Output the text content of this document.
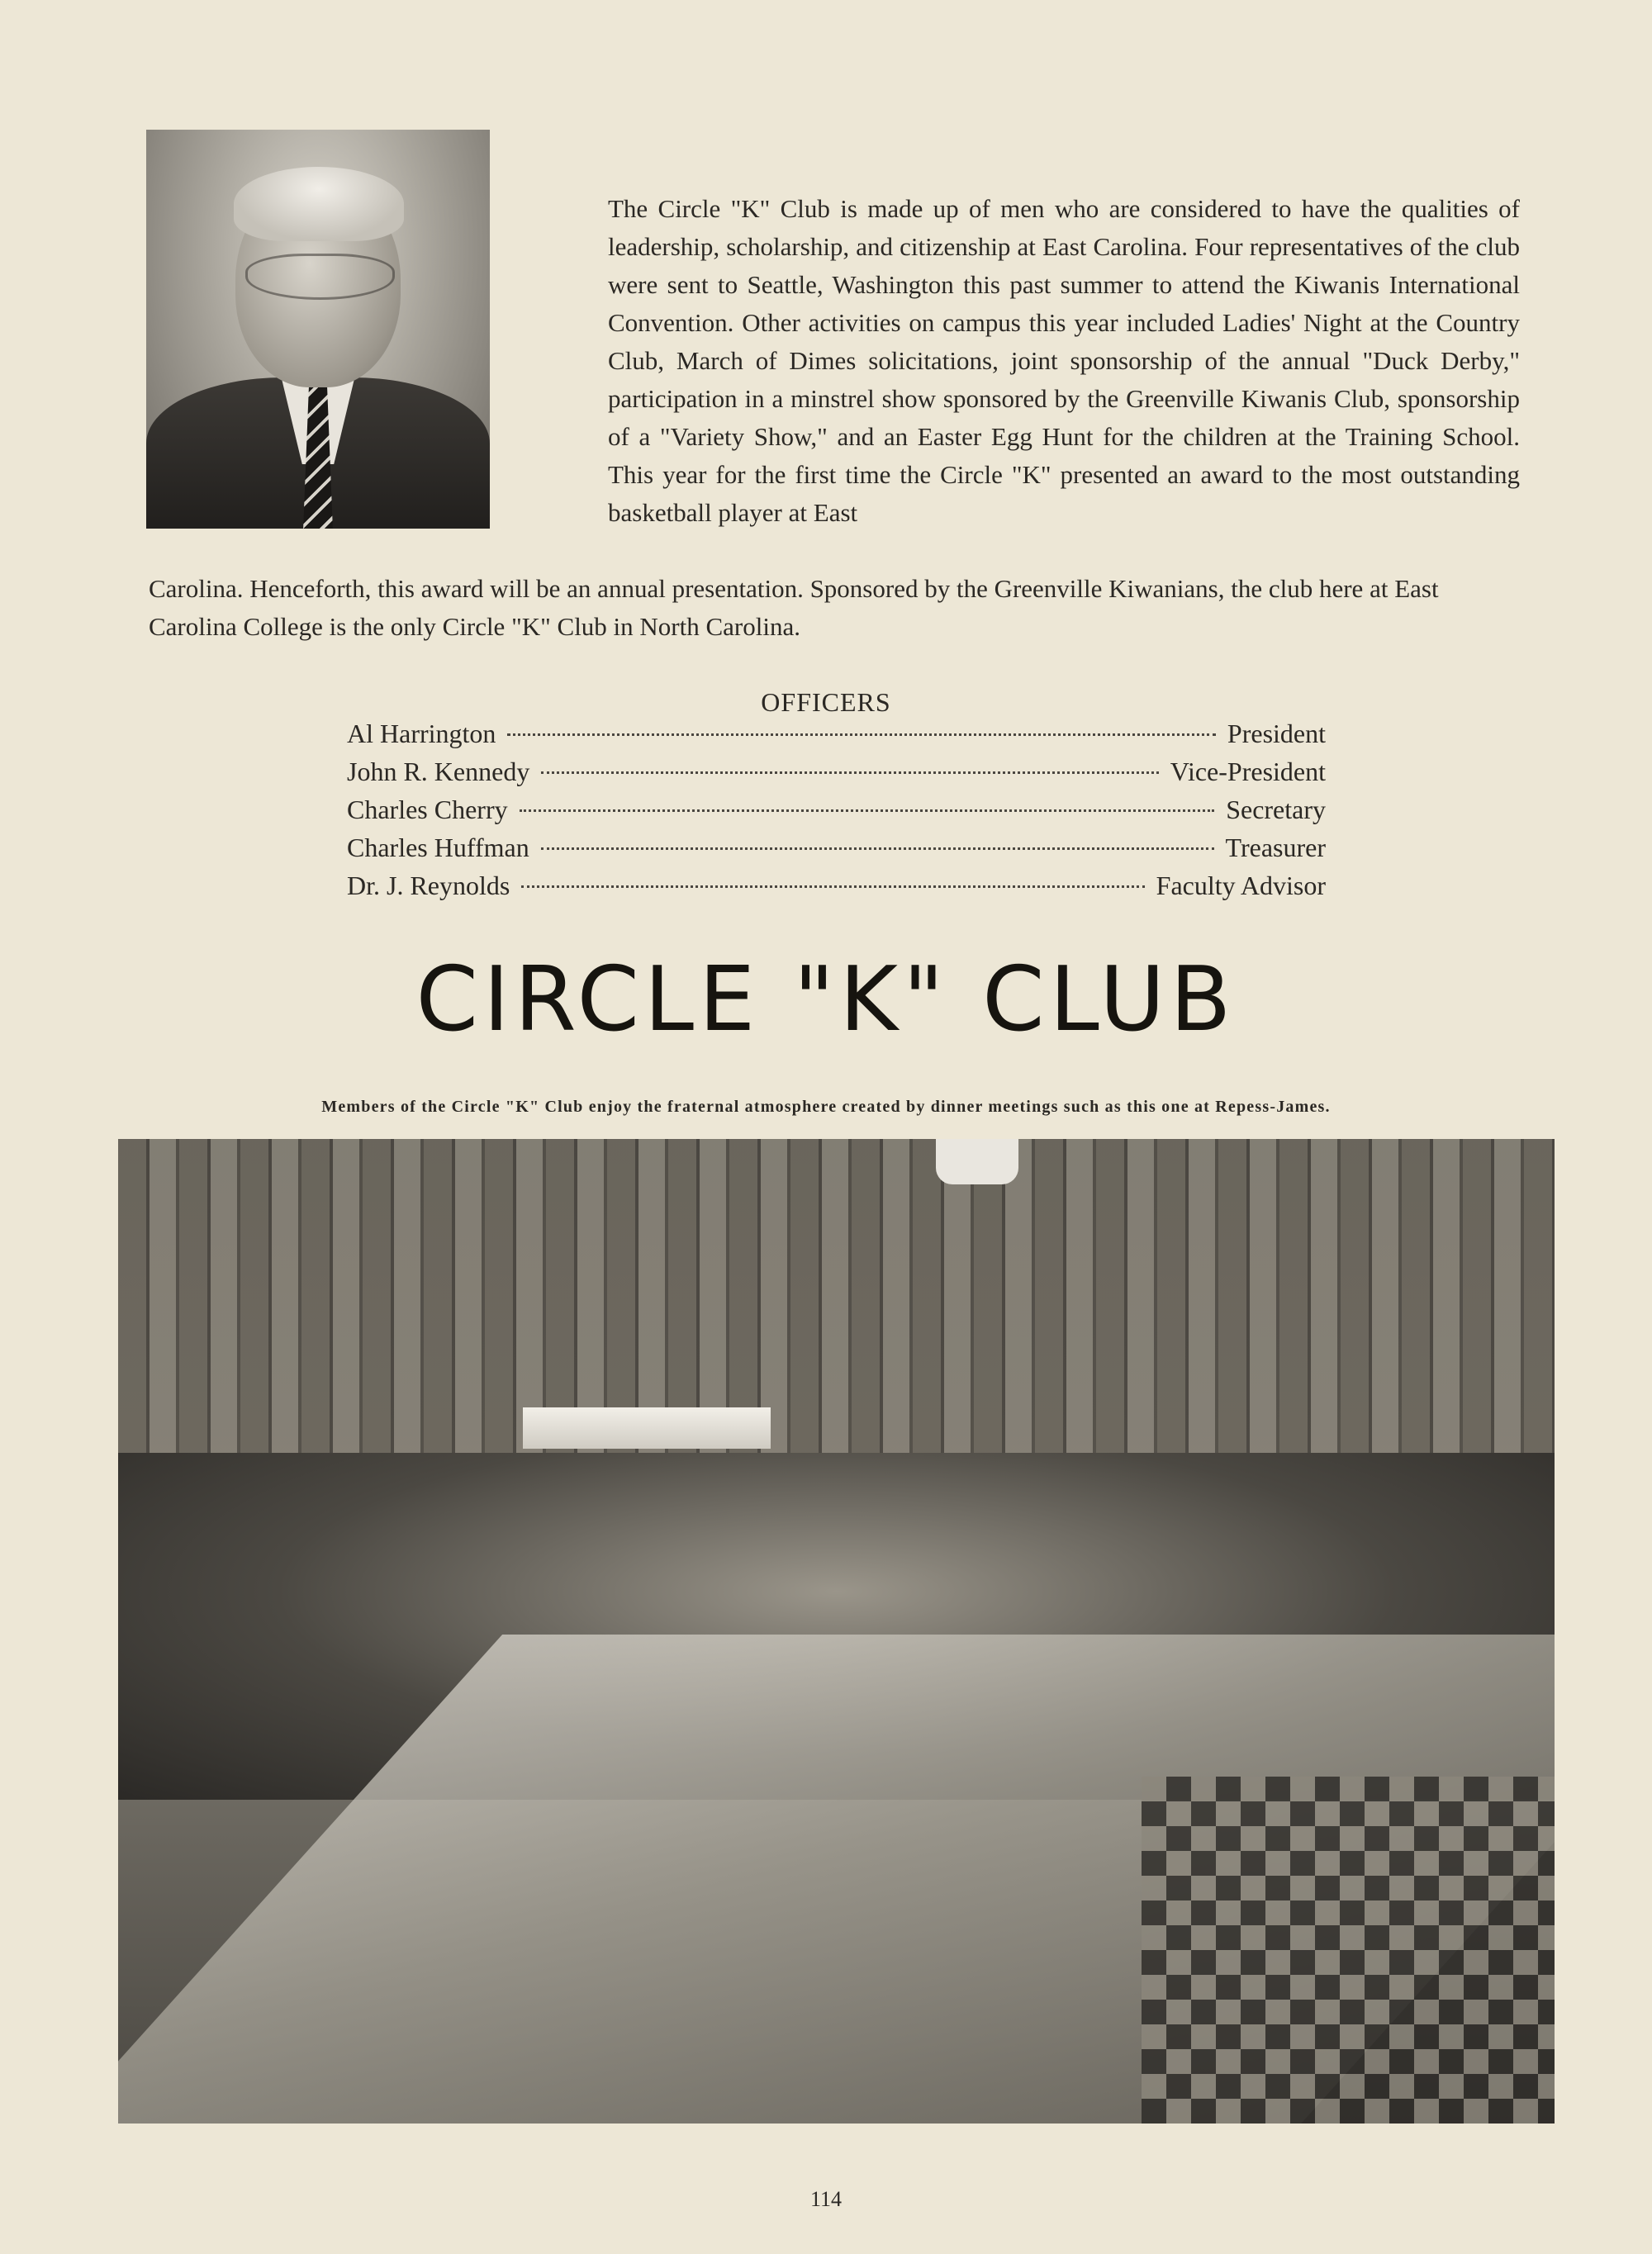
The Circle "K" Club is made up of men who are considered to have the qualities of leadership, scholarship, and citizenship at East Carolina. Four representatives of the club were sent to Seattle, Washington this past summer to attend the Kiwanis International Convention. Other activities on campus this year included Ladies' Night at the Country Club, March of Dimes solicitations, joint sponsorship of the annual "Duck Derby," participation in a minstrel show sponsored by the Greenville Kiwanis Club, sponsorship of a "Variety Show," and an Easter Egg Hunt for the children at the Training School. This year for the first time the Circle "K" presented an award to the most outstanding basketball player at East

Carolina. Henceforth, this award will be an annual presentation. Sponsored by the Greenville Kiwanians, the club here at East Carolina College is the only Circle "K" Club in North Carolina.

OFFICERS
Al Harrington	President
John R. Kennedy	Vice-President
Charles Cherry	Secretary
Charles Huffman	Treasurer
Dr. J. Reynolds	Faculty Advisor
CIRCLE "K" CLUB
Members of the Circle "K" Club enjoy the fraternal atmosphere created by dinner meetings such as this one at Repess-James.
114
